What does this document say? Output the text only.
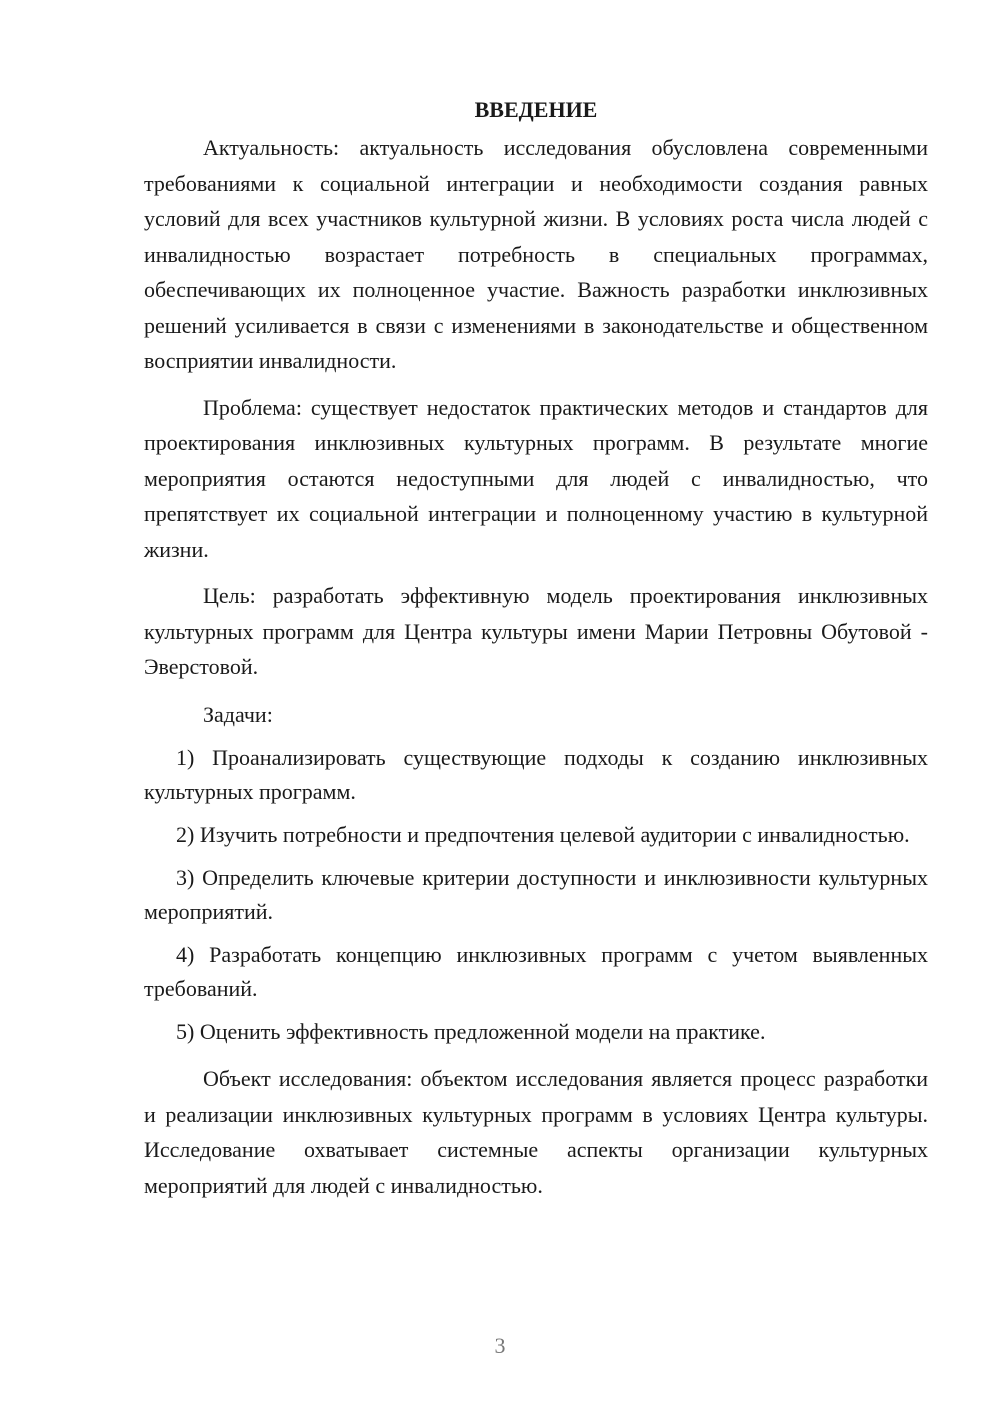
ВВЕДЕНИЕ

Актуальность: актуальность исследования обусловлена современными требованиями к социальной интеграции и необходимости создания равных условий для всех участников культурной жизни. В условиях роста числа людей с инвалидностью возрастает потребность в специальных программах, обеспечивающих их полноценное участие. Важность разработки инклюзивных решений усиливается в связи с изменениями в законодательстве и общественном восприятии инвалидности.

Проблема: существует недостаток практических методов и стандартов для проектирования инклюзивных культурных программ. В результате многие мероприятия остаются недоступными для людей с инвалидностью, что препятствует их социальной интеграции и полноценному участию в культурной жизни.

Цель: разработать эффективную модель проектирования инклюзивных культурных программ для Центра культуры имени Марии Петровны Обутовой - Эверстовой.

Задачи:

1) Проанализировать существующие подходы к созданию инклюзивных культурных программ.

2) Изучить потребности и предпочтения целевой аудитории с инвалидностью.

3) Определить ключевые критерии доступности и инклюзивности культурных мероприятий.

4) Разработать концепцию инклюзивных программ с учетом выявленных требований.

5) Оценить эффективность предложенной модели на практике.

Объект исследования: объектом исследования является процесс разработки и реализации инклюзивных культурных программ в условиях Центра культуры. Исследование охватывает системные аспекты организации культурных мероприятий для людей с инвалидностью.

3
